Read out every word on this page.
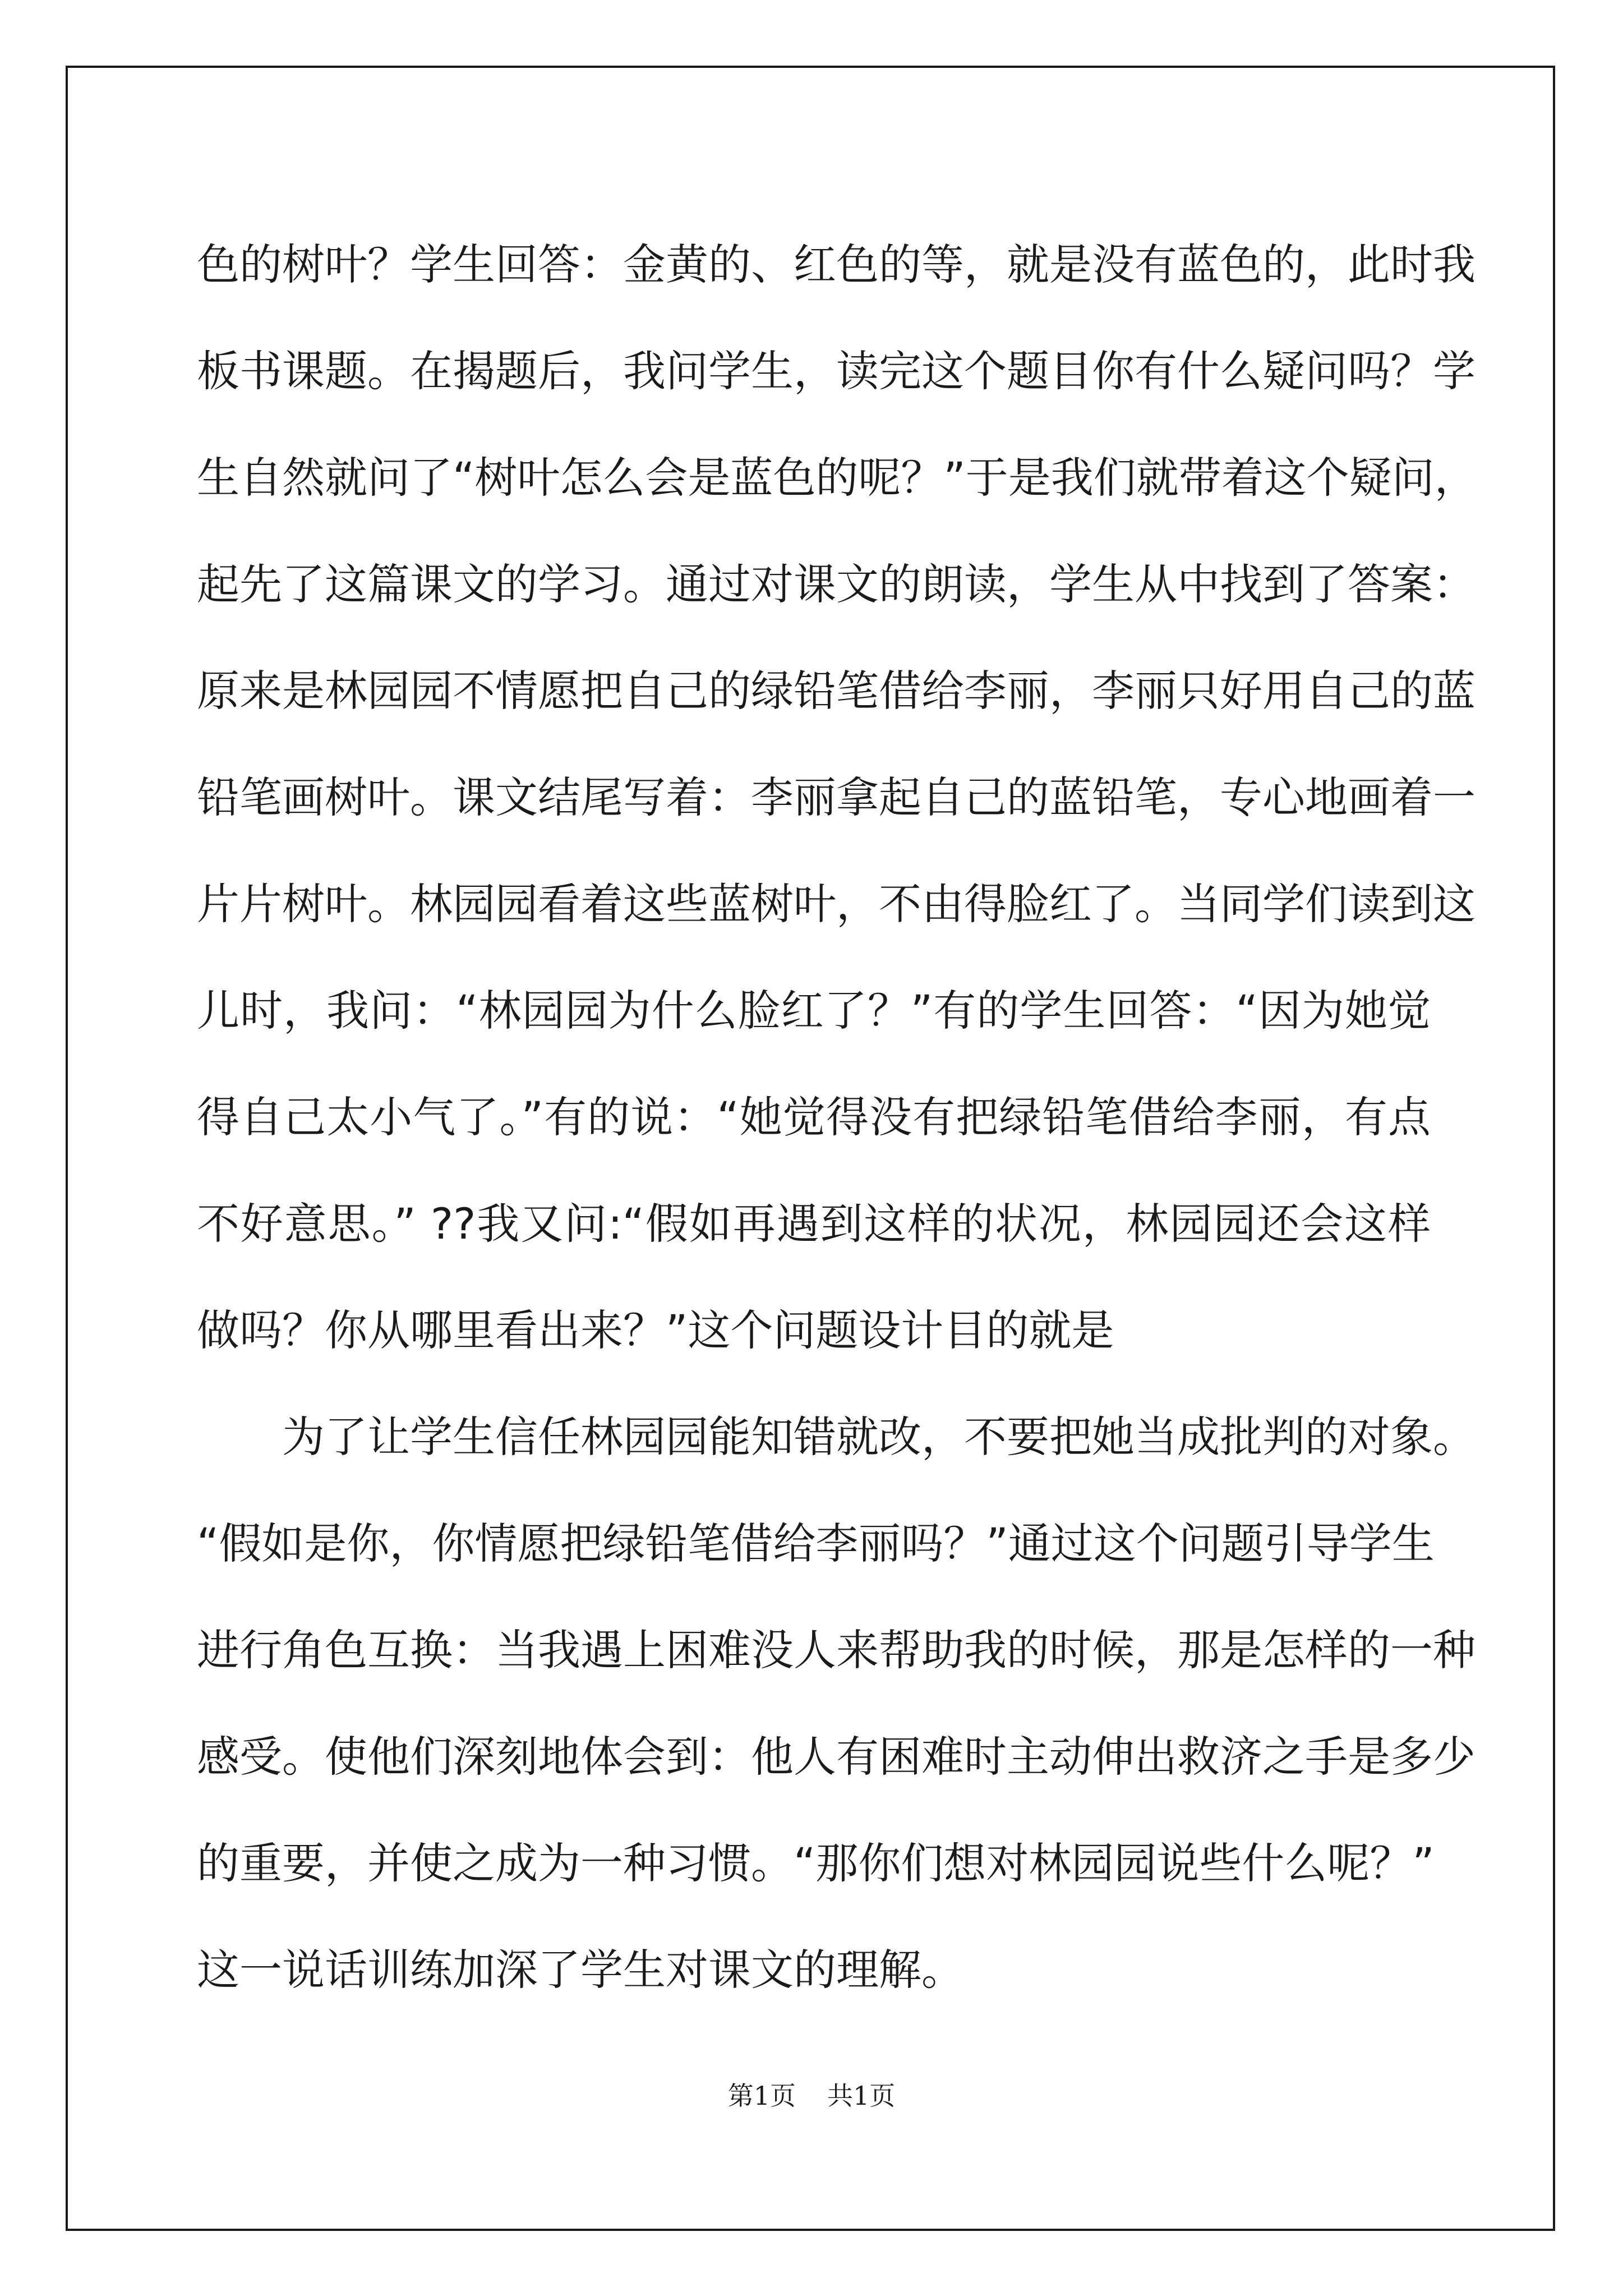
色的树叶？学生回答：金黄的、红色的等，就是没有蓝色的，此时我
板书课题。在揭题后，我问学生，读完这个题目你有什么疑问吗？学
生自然就问了“树叶怎么会是蓝色的呢？”于是我们就带着这个疑问，
起先了这篇课文的学习。通过对课文的朗读，学生从中找到了答案：
原来是林园园不情愿把自己的绿铅笔借给李丽，李丽只好用自己的蓝
铅笔画树叶。课文结尾写着：李丽拿起自己的蓝铅笔，专心地画着一
片片树叶。林园园看着这些蓝树叶，不由得脸红了。当同学们读到这
儿时，我问：“林园园为什么脸红了？”有的学生回答：“因为她觉
得自己太小气了。”有的说：“她觉得没有把绿铅笔借给李丽，有点
不好意思。” ??我又问:“假如再遇到这样的状况，林园园还会这样
做吗？你从哪里看出来？”这个问题设计目的就是
为了让学生信任林园园能知错就改，不要把她当成批判的对象。
“假如是你，你情愿把绿铅笔借给李丽吗？”通过这个问题引导学生
进行角色互换：当我遇上困难没人来帮助我的时候，那是怎样的一种
感受。使他们深刻地体会到：他人有困难时主动伸出救济之手是多少
的重要，并使之成为一种习惯。“那你们想对林园园说些什么呢？”
这一说话训练加深了学生对课文的理解。
第1页 共1页
